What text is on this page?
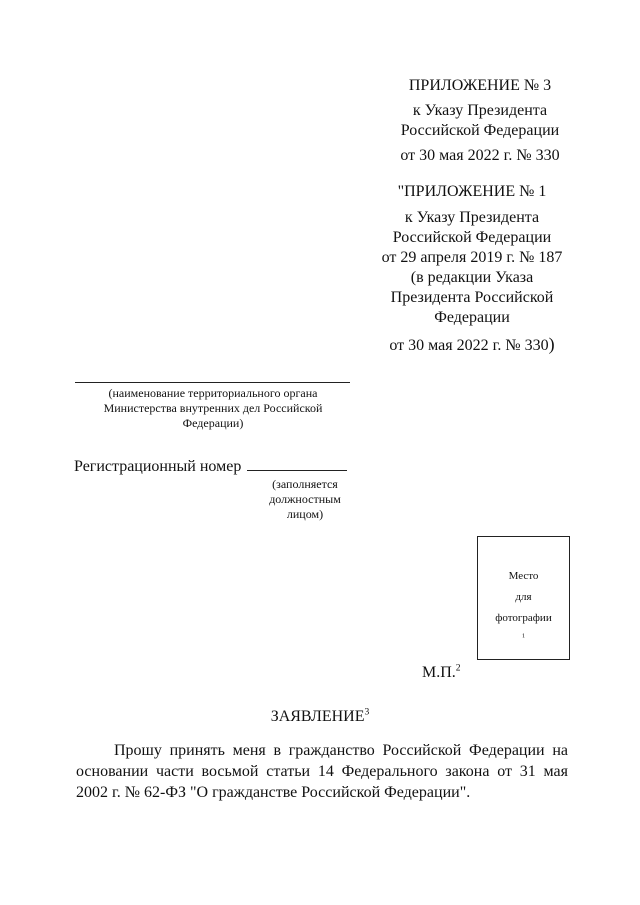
ПРИЛОЖЕНИЕ № 3
к Указу Президента
Российской Федерации
от 30 мая 2022 г. № 330
"ПРИЛОЖЕНИЕ № 1
к Указу Президента
Российской Федерации
от 29 апреля 2019 г. № 187
(в редакции Указа
Президента Российской
Федерации
от 30 мая 2022 г. № 330)
(наименование территориального органа
Министерства внутренних дел Российской
Федерации)
Регистрационный номер
(заполняется
должностным
лицом)
Место
для
фотографии
$^1$
М.П.$^2$
ЗАЯВЛЕНИЕ$^3$
Прошу принять меня в гражданство Российской Федерации на основании части восьмой статьи 14 Федерального закона от 31 мая 2002 г. № 62-ФЗ "О гражданстве Российской Федерации".
